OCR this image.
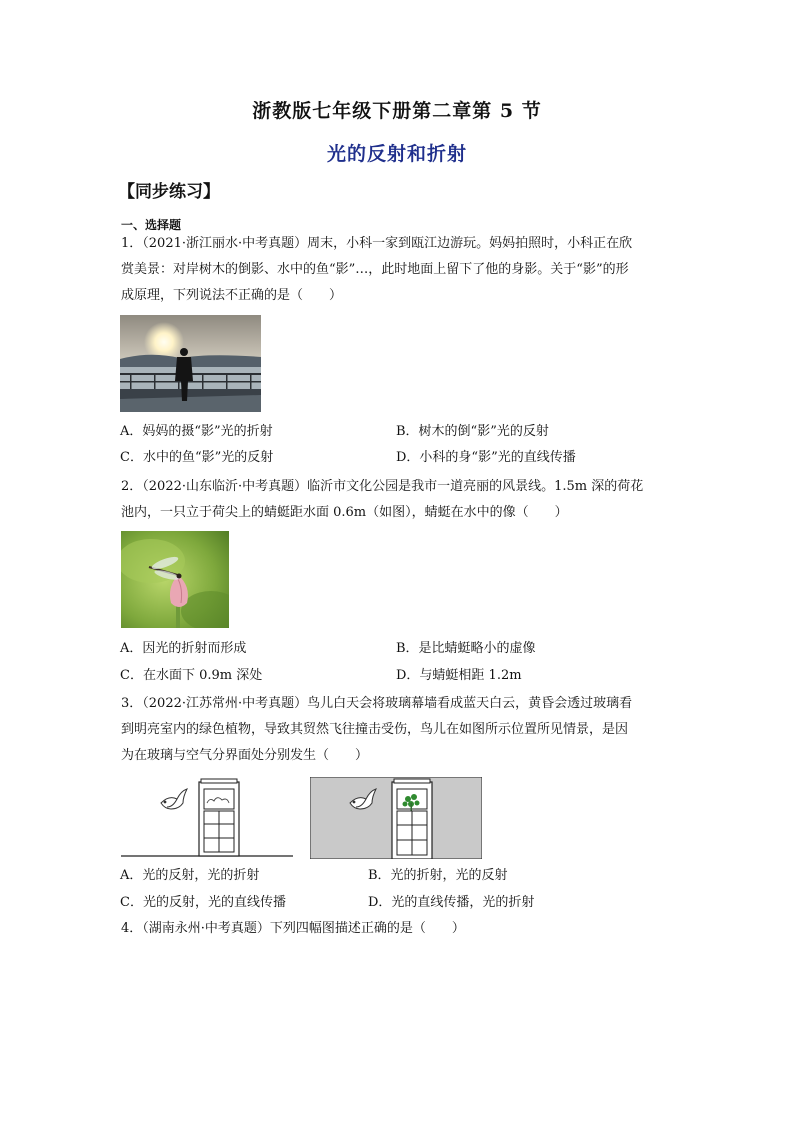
浙教版七年级下册第二章第 5 节
光的反射和折射
【同步练习】
一、选择题
1．（2021·浙江丽水·中考真题）周末，小科一家到瓯江边游玩。妈妈拍照时，小科正在欣
赏美景：对岸树木的倒影、水中的鱼“影”…，此时地面上留下了他的身影。关于“影”的形
成原理，下列说法不正确的是（　　）
A．妈妈的摄“影”光的折射	B．树木的倒“影”光的反射
C．水中的鱼“影”光的反射	D．小科的身“影”光的直线传播
2．（2022·山东临沂·中考真题）临沂市文化公园是我市一道亮丽的风景线。1.5m 深的荷花
池内，一只立于荷尖上的蜻蜓距水面 0.6m（如图），蜻蜓在水中的像（　　）
A．因光的折射而形成	B．是比蜻蜓略小的虚像
C．在水面下 0.9m 深处	D．与蜻蜓相距 1.2m
3．（2022·江苏常州·中考真题）鸟儿白天会将玻璃幕墙看成蓝天白云，黄昏会透过玻璃看
到明亮室内的绿色植物，导致其贸然飞往撞击受伤，鸟儿在如图所示位置所见情景，是因
为在玻璃与空气分界面处分别发生（　　）
A．光的反射，光的折射	B．光的折射，光的反射
C．光的反射，光的直线传播	D．光的直线传播，光的折射
4．（湖南永州·中考真题）下列四幅图描述正确的是（　　）
